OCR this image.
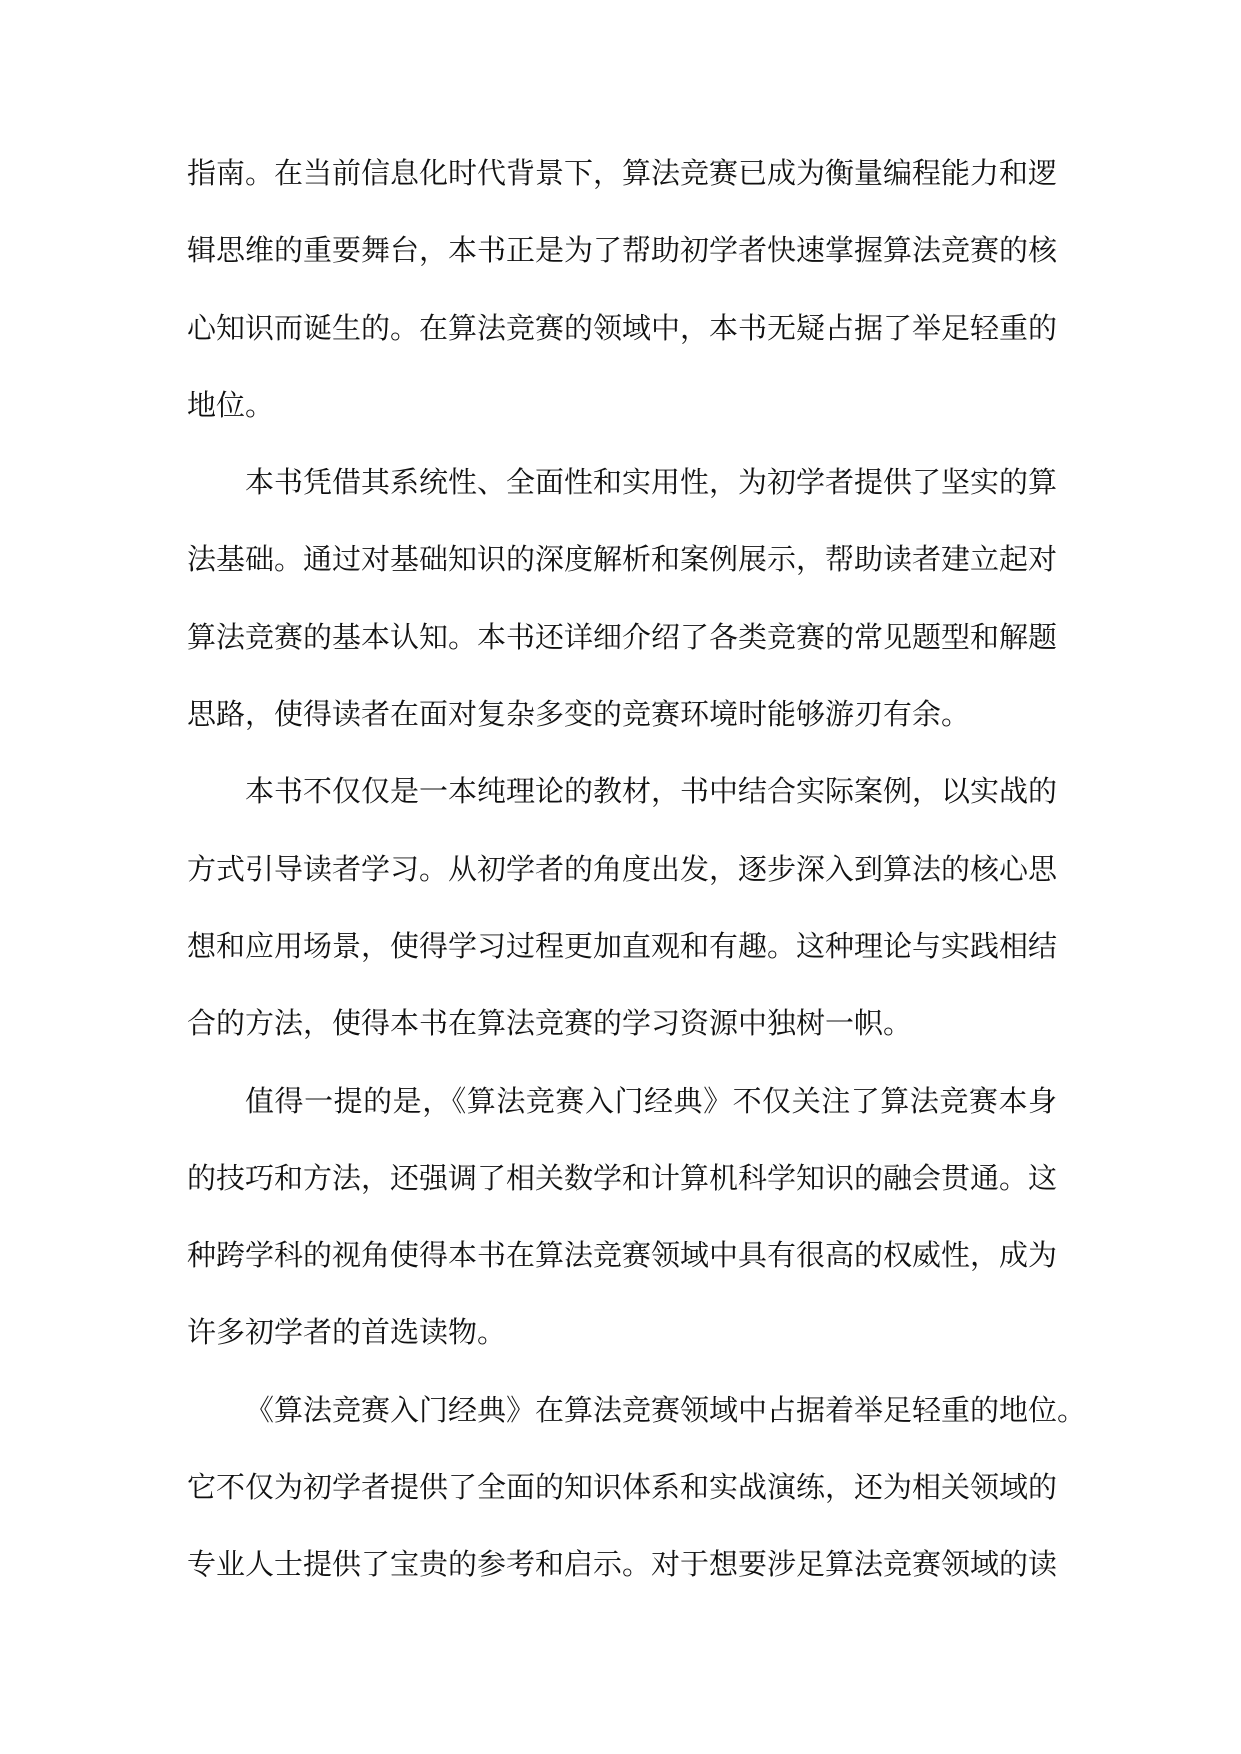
指南。在当前信息化时代背景下，算法竞赛已成为衡量编程能力和逻
辑思维的重要舞台，本书正是为了帮助初学者快速掌握算法竞赛的核
心知识而诞生的。在算法竞赛的领域中，本书无疑占据了举足轻重的
地位。
本书凭借其系统性、全面性和实用性，为初学者提供了坚实的算
法基础。通过对基础知识的深度解析和案例展示，帮助读者建立起对
算法竞赛的基本认知。本书还详细介绍了各类竞赛的常见题型和解题
思路，使得读者在面对复杂多变的竞赛环境时能够游刃有余。
本书不仅仅是一本纯理论的教材，书中结合实际案例，以实战的
方式引导读者学习。从初学者的角度出发，逐步深入到算法的核心思
想和应用场景，使得学习过程更加直观和有趣。这种理论与实践相结
合的方法，使得本书在算法竞赛的学习资源中独树一帜。
值得一提的是，《算法竞赛入门经典》不仅关注了算法竞赛本身
的技巧和方法，还强调了相关数学和计算机科学知识的融会贯通。这
种跨学科的视角使得本书在算法竞赛领域中具有很高的权威性，成为
许多初学者的首选读物。
《算法竞赛入门经典》在算法竞赛领域中占据着举足轻重的地位。
它不仅为初学者提供了全面的知识体系和实战演练，还为相关领域的
专业人士提供了宝贵的参考和启示。对于想要涉足算法竞赛领域的读
